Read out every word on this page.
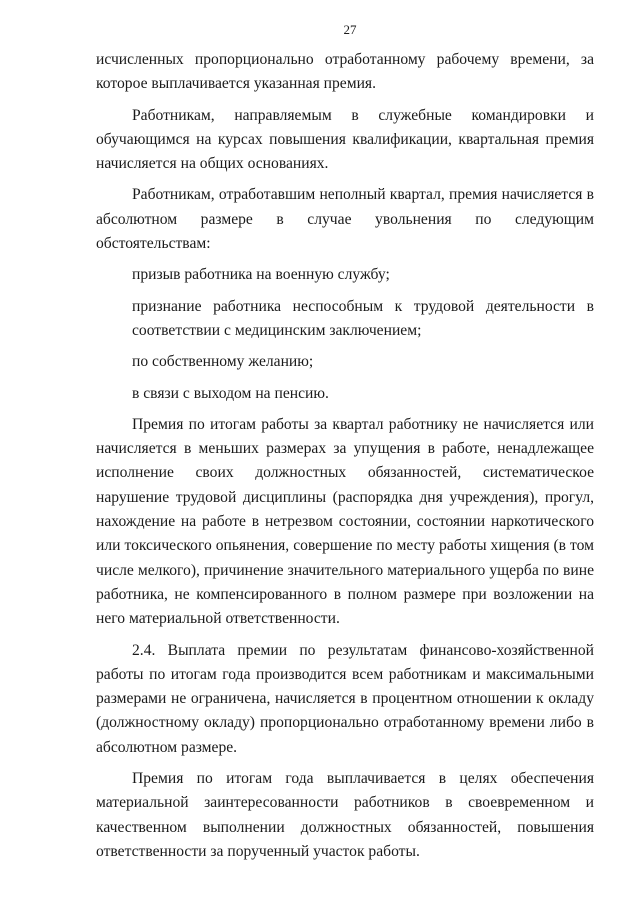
27

исчисленных пропорционально отработанному рабочему времени, за которое выплачивается указанная премия.

Работникам, направляемым в служебные командировки и обучающимся на курсах повышения квалификации, квартальная премия начисляется на общих основаниях.

Работникам, отработавшим неполный квартал, премия начисляется в абсолютном размере в случае увольнения по следующим обстоятельствам:

призыв работника на военную службу;

признание работника неспособным к трудовой деятельности в соответствии с медицинским заключением;

по собственному желанию;

в связи с выходом на пенсию.

Премия по итогам работы за квартал работнику не начисляется или начисляется в меньших размерах за упущения в работе, ненадлежащее исполнение своих должностных обязанностей, систематическое нарушение трудовой дисциплины (распорядка дня учреждения), прогул, нахождение на работе в нетрезвом состоянии, состоянии наркотического или токсического опьянения, совершение по месту работы хищения (в том числе мелкого), причинение значительного материального ущерба по вине работника, не компенсированного в полном размере при возложении на него материальной ответственности.

2.4. Выплата премии по результатам финансово-хозяйственной работы по итогам года производится всем работникам и максимальными размерами не ограничена, начисляется в процентном отношении к окладу (должностному окладу) пропорционально отработанному времени либо в абсолютном размере.

Премия по итогам года выплачивается в целях обеспечения материальной заинтересованности работников в своевременном и качественном выполнении должностных обязанностей, повышения ответственности за порученный участок работы.
